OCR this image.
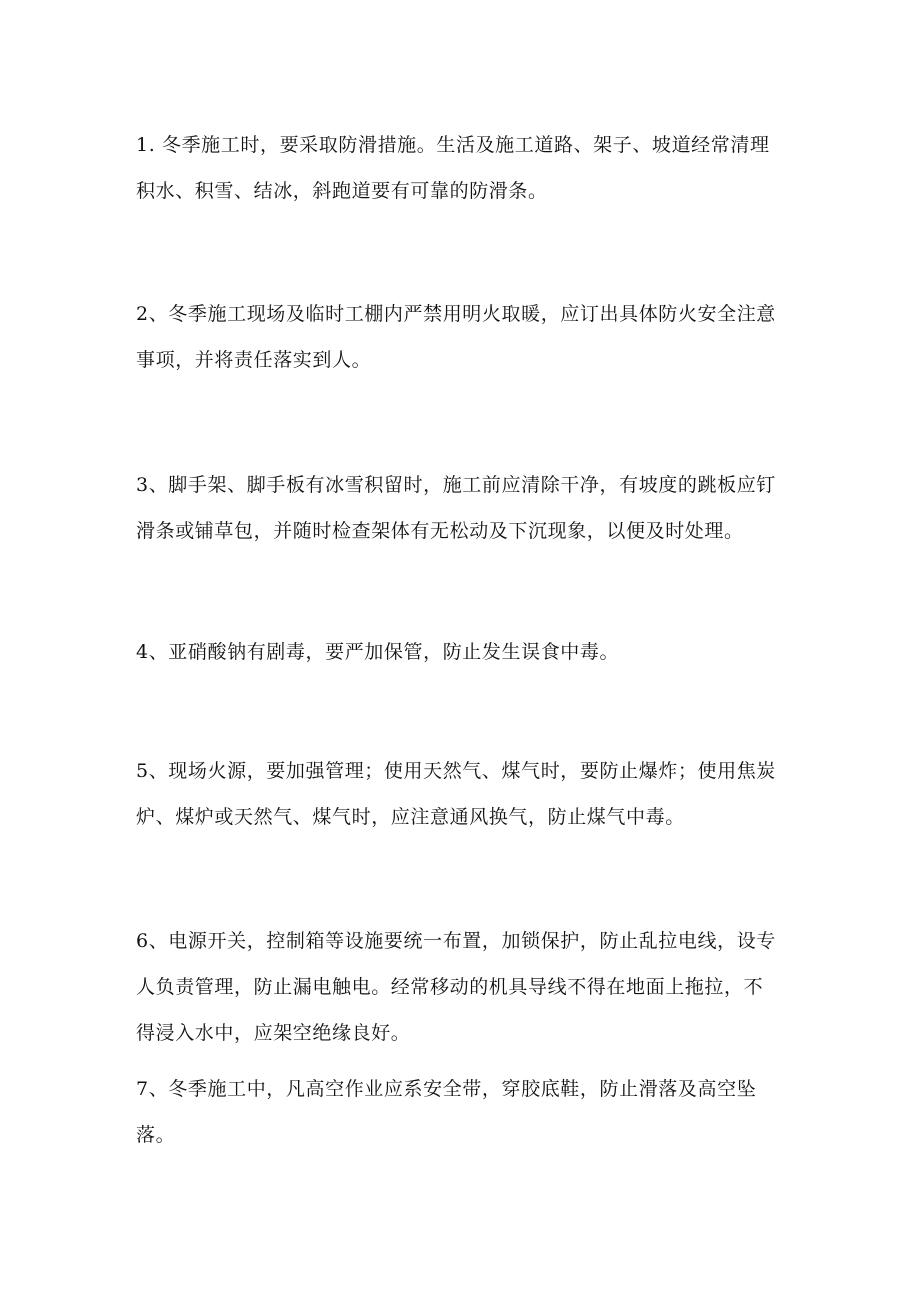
1. 冬季施工时，要采取防滑措施。生活及施工道路、架子、坡道经常清理
积水、积雪、结冰，斜跑道要有可靠的防滑条。
2、冬季施工现场及临时工棚内严禁用明火取暖，应订出具体防火安全注意
事项，并将责任落实到人。
3、脚手架、脚手板有冰雪积留时，施工前应清除干净，有坡度的跳板应钉
滑条或铺草包，并随时检查架体有无松动及下沉现象，以便及时处理。
4、亚硝酸钠有剧毒，要严加保管，防止发生误食中毒。
5、现场火源，要加强管理；使用天然气、煤气时，要防止爆炸；使用焦炭
炉、煤炉或天然气、煤气时，应注意通风换气，防止煤气中毒。
6、电源开关，控制箱等设施要统一布置，加锁保护，防止乱拉电线，设专
人负责管理，防止漏电触电。经常移动的机具导线不得在地面上拖拉，不
得浸入水中，应架空绝缘良好。
7、冬季施工中，凡高空作业应系安全带，穿胶底鞋，防止滑落及高空坠
落。
